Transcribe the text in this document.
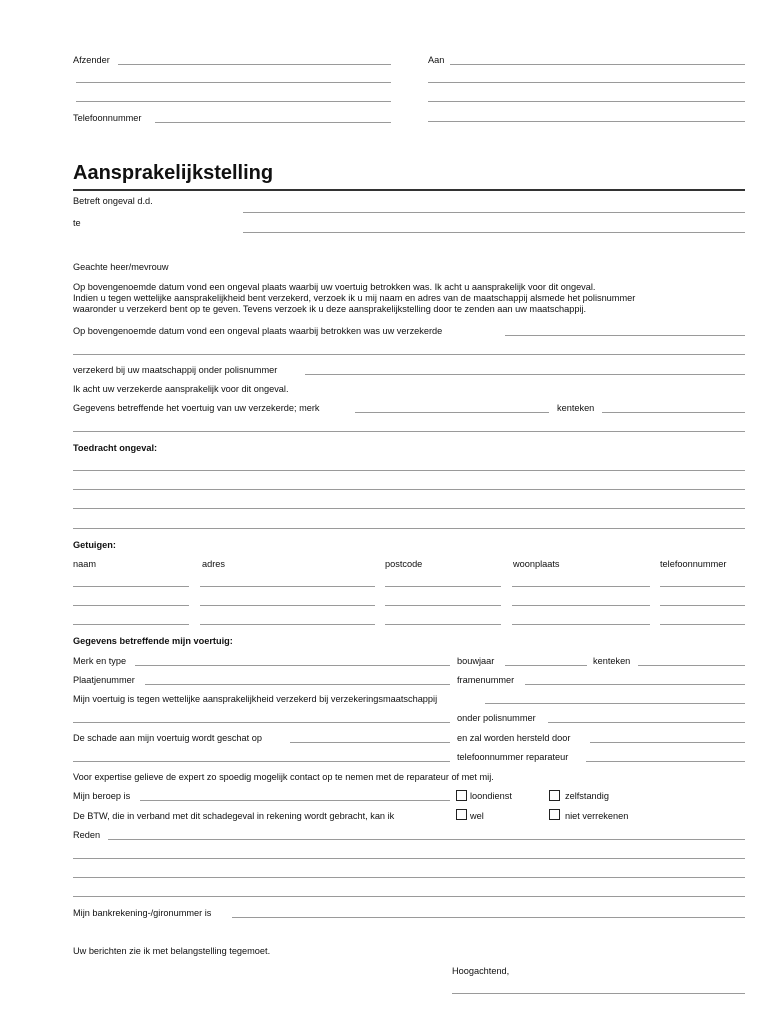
Afzender	Aan
Telefoonnummer
Aansprakelijkstelling
Betreft ongeval d.d.
te
Geachte heer/mevrouw
Op bovengenoemde datum vond een ongeval plaats waarbij uw voertuig betrokken was. Ik acht u aansprakelijk voor dit ongeval.
Indien u tegen wettelijke aansprakelijkheid bent verzekerd, verzoek ik u mij naam en adres van de maatschappij alsmede het polisnummer
waaronder u verzekerd bent op te geven. Tevens verzoek ik u deze aansprakelijkstelling door te zenden aan uw maatschappij.
Op bovengenoemde datum vond een ongeval plaats waarbij betrokken was uw verzekerde
verzekerd bij uw maatschappij onder polisnummer
Ik acht uw verzekerde aansprakelijk voor dit ongeval.
Gegevens betreffende het voertuig van uw verzekerde; merk	kenteken
Toedracht ongeval:
Getuigen:
naam	adres	postcode	woonplaats	telefoonnummer
Gegevens betreffende mijn voertuig:
Merk en type	bouwjaar	kenteken
Plaatjenummer	framenummer
Mijn voertuig is tegen wettelijke aansprakelijkheid verzekerd bij verzekeringsmaatschappij
onder polisnummer
De schade aan mijn voertuig wordt geschat op	en zal worden hersteld door
telefoonnummer reparateur
Voor expertise gelieve de expert zo spoedig mogelijk contact op te nemen met de reparateur of met mij.
Mijn beroep is	loondienst	zelfstandig
De BTW, die in verband met dit schadegeval in rekening wordt gebracht, kan ik	wel	niet verrekenen
Reden
Mijn bankrekening-/gironummer is
Uw berichten zie ik met belangstelling tegemoet.
Hoogachtend,
